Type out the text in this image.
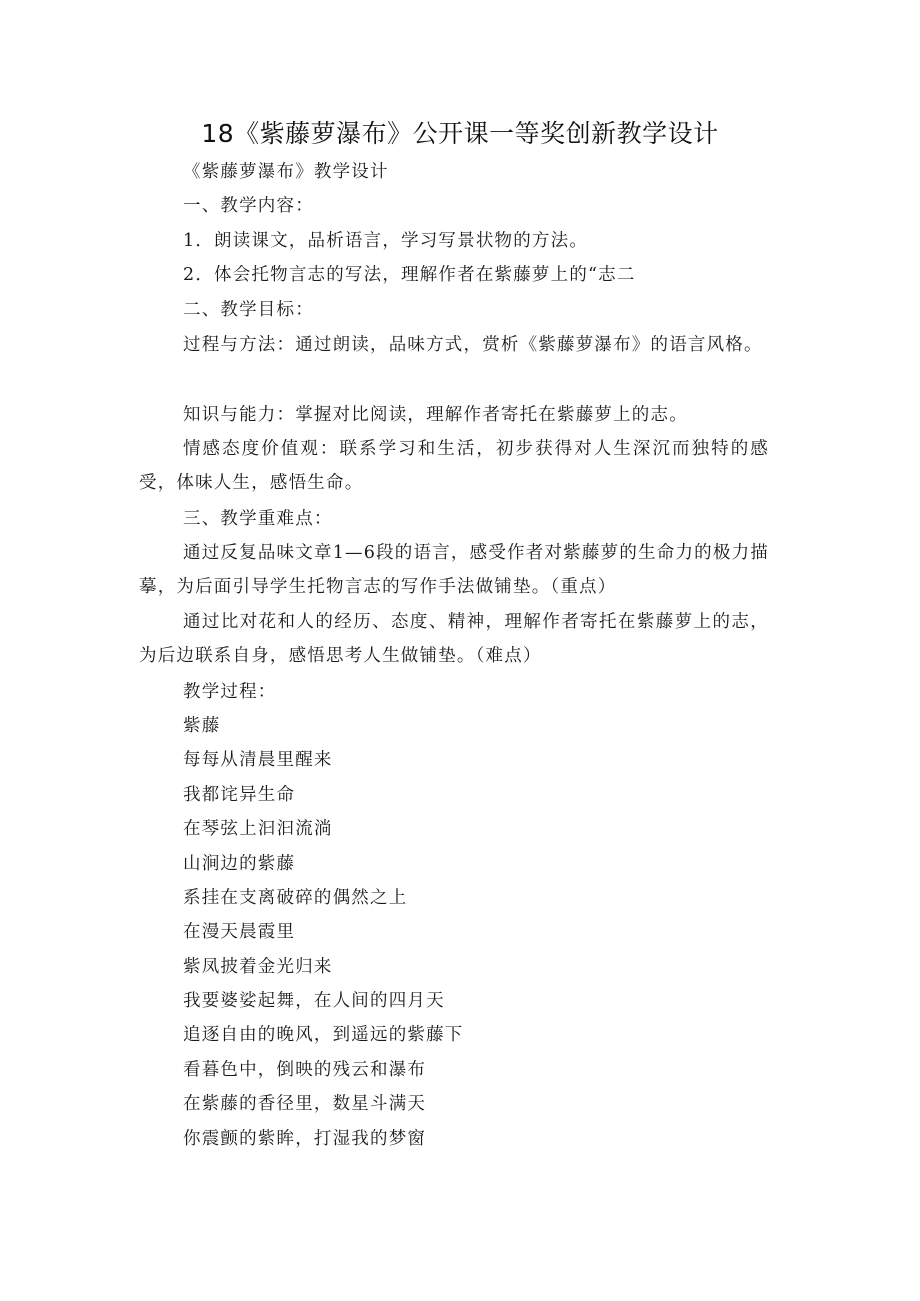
18《紫藤萝瀑布》公开课一等奖创新教学设计
《紫藤萝瀑布》教学设计
一、教学内容：
1．朗读课文，品析语言，学习写景状物的方法。
2．体会托物言志的写法，理解作者在紫藤萝上的“志二
二、教学目标：
过程与方法：通过朗读，品味方式，赏析《紫藤萝瀑布》的语言风格。
知识与能力：掌握对比阅读，理解作者寄托在紫藤萝上的志。
情感态度价值观：联系学习和生活，初步获得对人生深沉而独特的感受，体味人生，感悟生命。
三、教学重难点：
通过反复品味文章1—6段的语言，感受作者对紫藤萝的生命力的极力描摹，为后面引导学生托物言志的写作手法做铺垫。（重点）
通过比对花和人的经历、态度、精神，理解作者寄托在紫藤萝上的志，为后边联系自身，感悟思考人生做铺垫。（难点）
教学过程：
紫藤
每每从清晨里醒来
我都诧异生命
在琴弦上汩汩流淌
山涧边的紫藤
系挂在支离破碎的偶然之上
在漫天晨霞里
紫凤披着金光归来
我要婆娑起舞，在人间的四月天
追逐自由的晚风，到遥远的紫藤下
看暮色中，倒映的残云和瀑布
在紫藤的香径里，数星斗满天
你震颤的紫眸，打湿我的梦窗
